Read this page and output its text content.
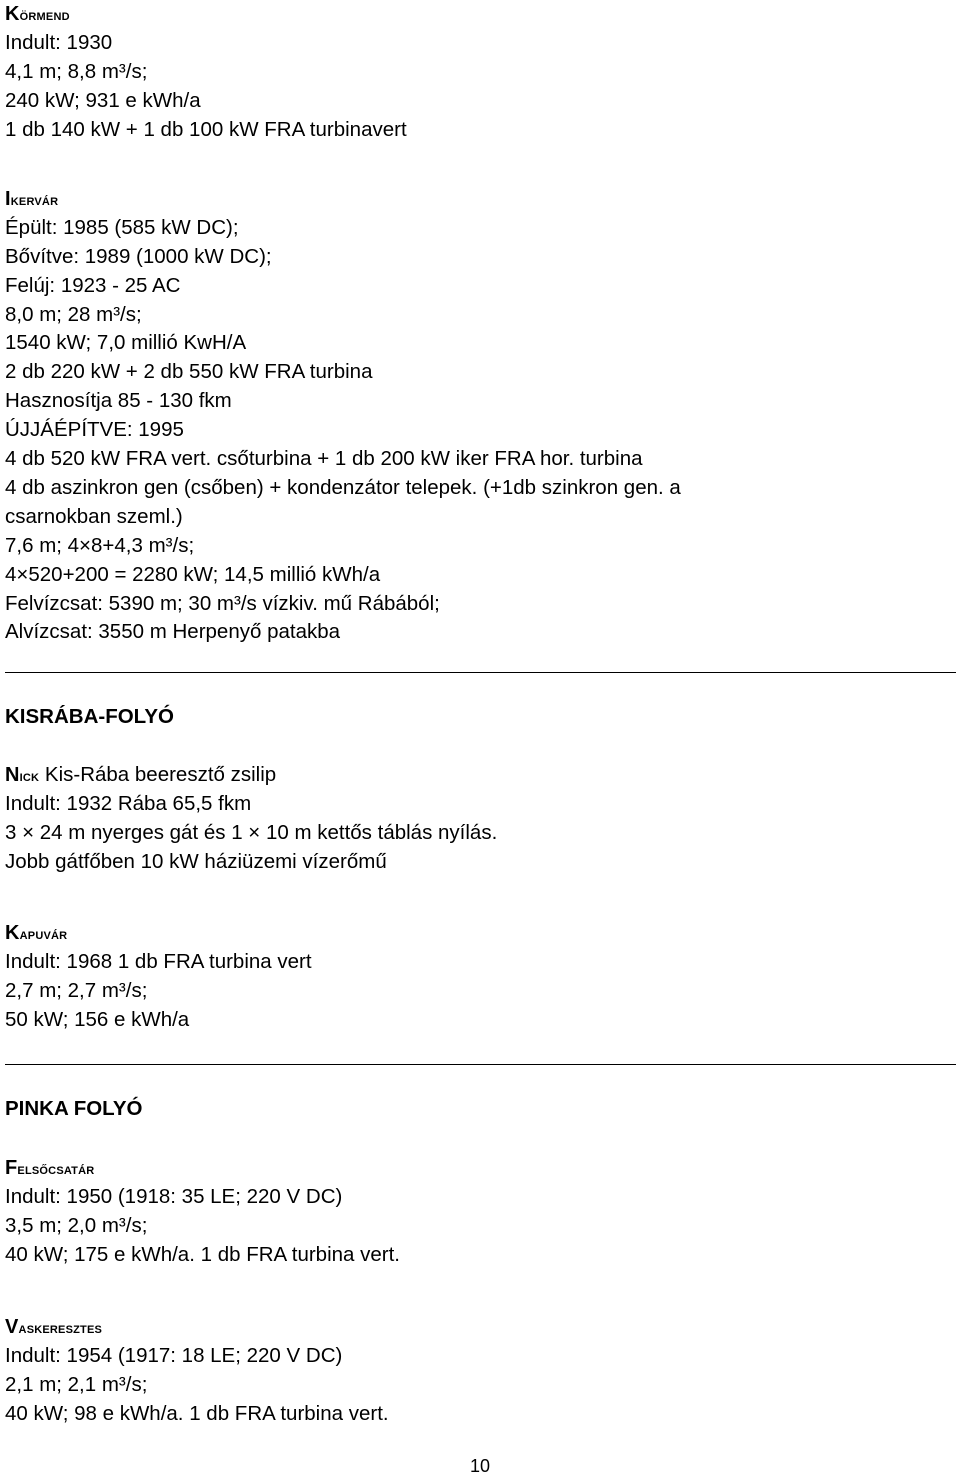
Körmend
Indult: 1930
4,1 m; 8,8 m³/s;
240 kW; 931 e kWh/a
1 db 140 kW + 1 db 100 kW FRA turbinavert
Ikervár
Épült: 1985 (585 kW DC);
Bővítve: 1989 (1000 kW DC);
Felúj: 1923 - 25 AC
8,0 m; 28 m³/s;
1540 kW; 7,0 millió KwH/A
2 db 220 kW + 2 db 550 kW FRA turbina
Hasznosítja 85 - 130 fkm
ÚJJÁÉPÍTVE: 1995
4 db 520 kW FRA vert. csőturbina + 1 db 200 kW iker FRA hor. turbina
4 db aszinkron gen (csőben) + kondenzátor telepek. (+1db szinkron gen. a csarnokban szeml.)
7,6 m; 4×8+4,3 m³/s;
4×520+200 = 2280 kW; 14,5 millió kWh/a
Felvízcsat: 5390 m; 30 m³/s vízkiv. mű Rábából;
Alvízcsat: 3550 m Herpenyő patakba
KISRÁBA-FOLYÓ
Nick Kis-Rába beeresztő zsilip
Indult: 1932 Rába 65,5 fkm
3 × 24 m nyerges gát és 1 × 10 m kettős táblás nyílás.
Jobb gátfőben 10 kW háziüzemi vízerőmű
Kapuvár
Indult: 1968 1 db FRA turbina vert
2,7 m; 2,7 m³/s;
50 kW; 156 e kWh/a
PINKA FOLYÓ
Felsőcsatár
Indult: 1950 (1918: 35 LE; 220 V DC)
3,5 m; 2,0 m³/s;
40 kW; 175 e kWh/a. 1 db FRA turbina vert.
Vaskeresztes
Indult: 1954 (1917: 18 LE; 220 V DC)
2,1 m; 2,1 m³/s;
40 kW; 98 e kWh/a. 1 db FRA turbina vert.
10
